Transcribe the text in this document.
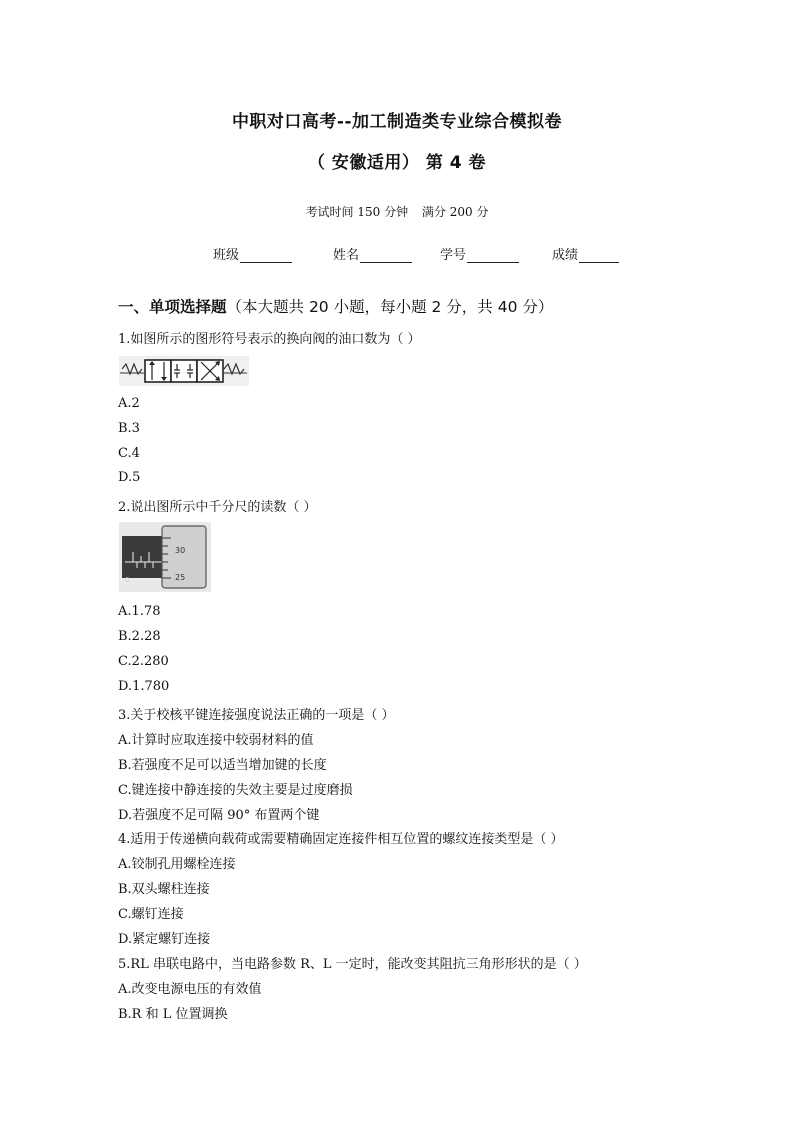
中职对口高考--加工制造类专业综合模拟卷
（ 安徽适用） 第 4 卷
考试时间 150 分钟 满分 200 分
班级	姓名	学号	成绩
一、单项选择题（本大题共 20 小题，每小题 2 分，共 40 分）
1.如图所示的图形符号表示的换向阀的油口数为（ ）
A.2
B.3
C.4
D.5
2.说出图所示中千分尺的读数（ ）
30
25
0
A.1.78
B.2.28
C.2.280
D.1.780
3.关于校核平键连接强度说法正确的一项是（ ）
A.计算时应取连接中较弱材料的值
B.若强度不足可以适当增加键的长度
C.键连接中静连接的失效主要是过度磨损
D.若强度不足可隔 90° 布置两个键
4.适用于传递横向载荷或需要精确固定连接件相互位置的螺纹连接类型是（ ）
A.铰制孔用螺栓连接
B.双头螺柱连接
C.螺钉连接
D.紧定螺钉连接
5.RL 串联电路中，当电路参数 R、L 一定时，能改变其阻抗三角形形状的是（ ）
A.改变电源电压的有效值
B.R 和 L 位置调换
